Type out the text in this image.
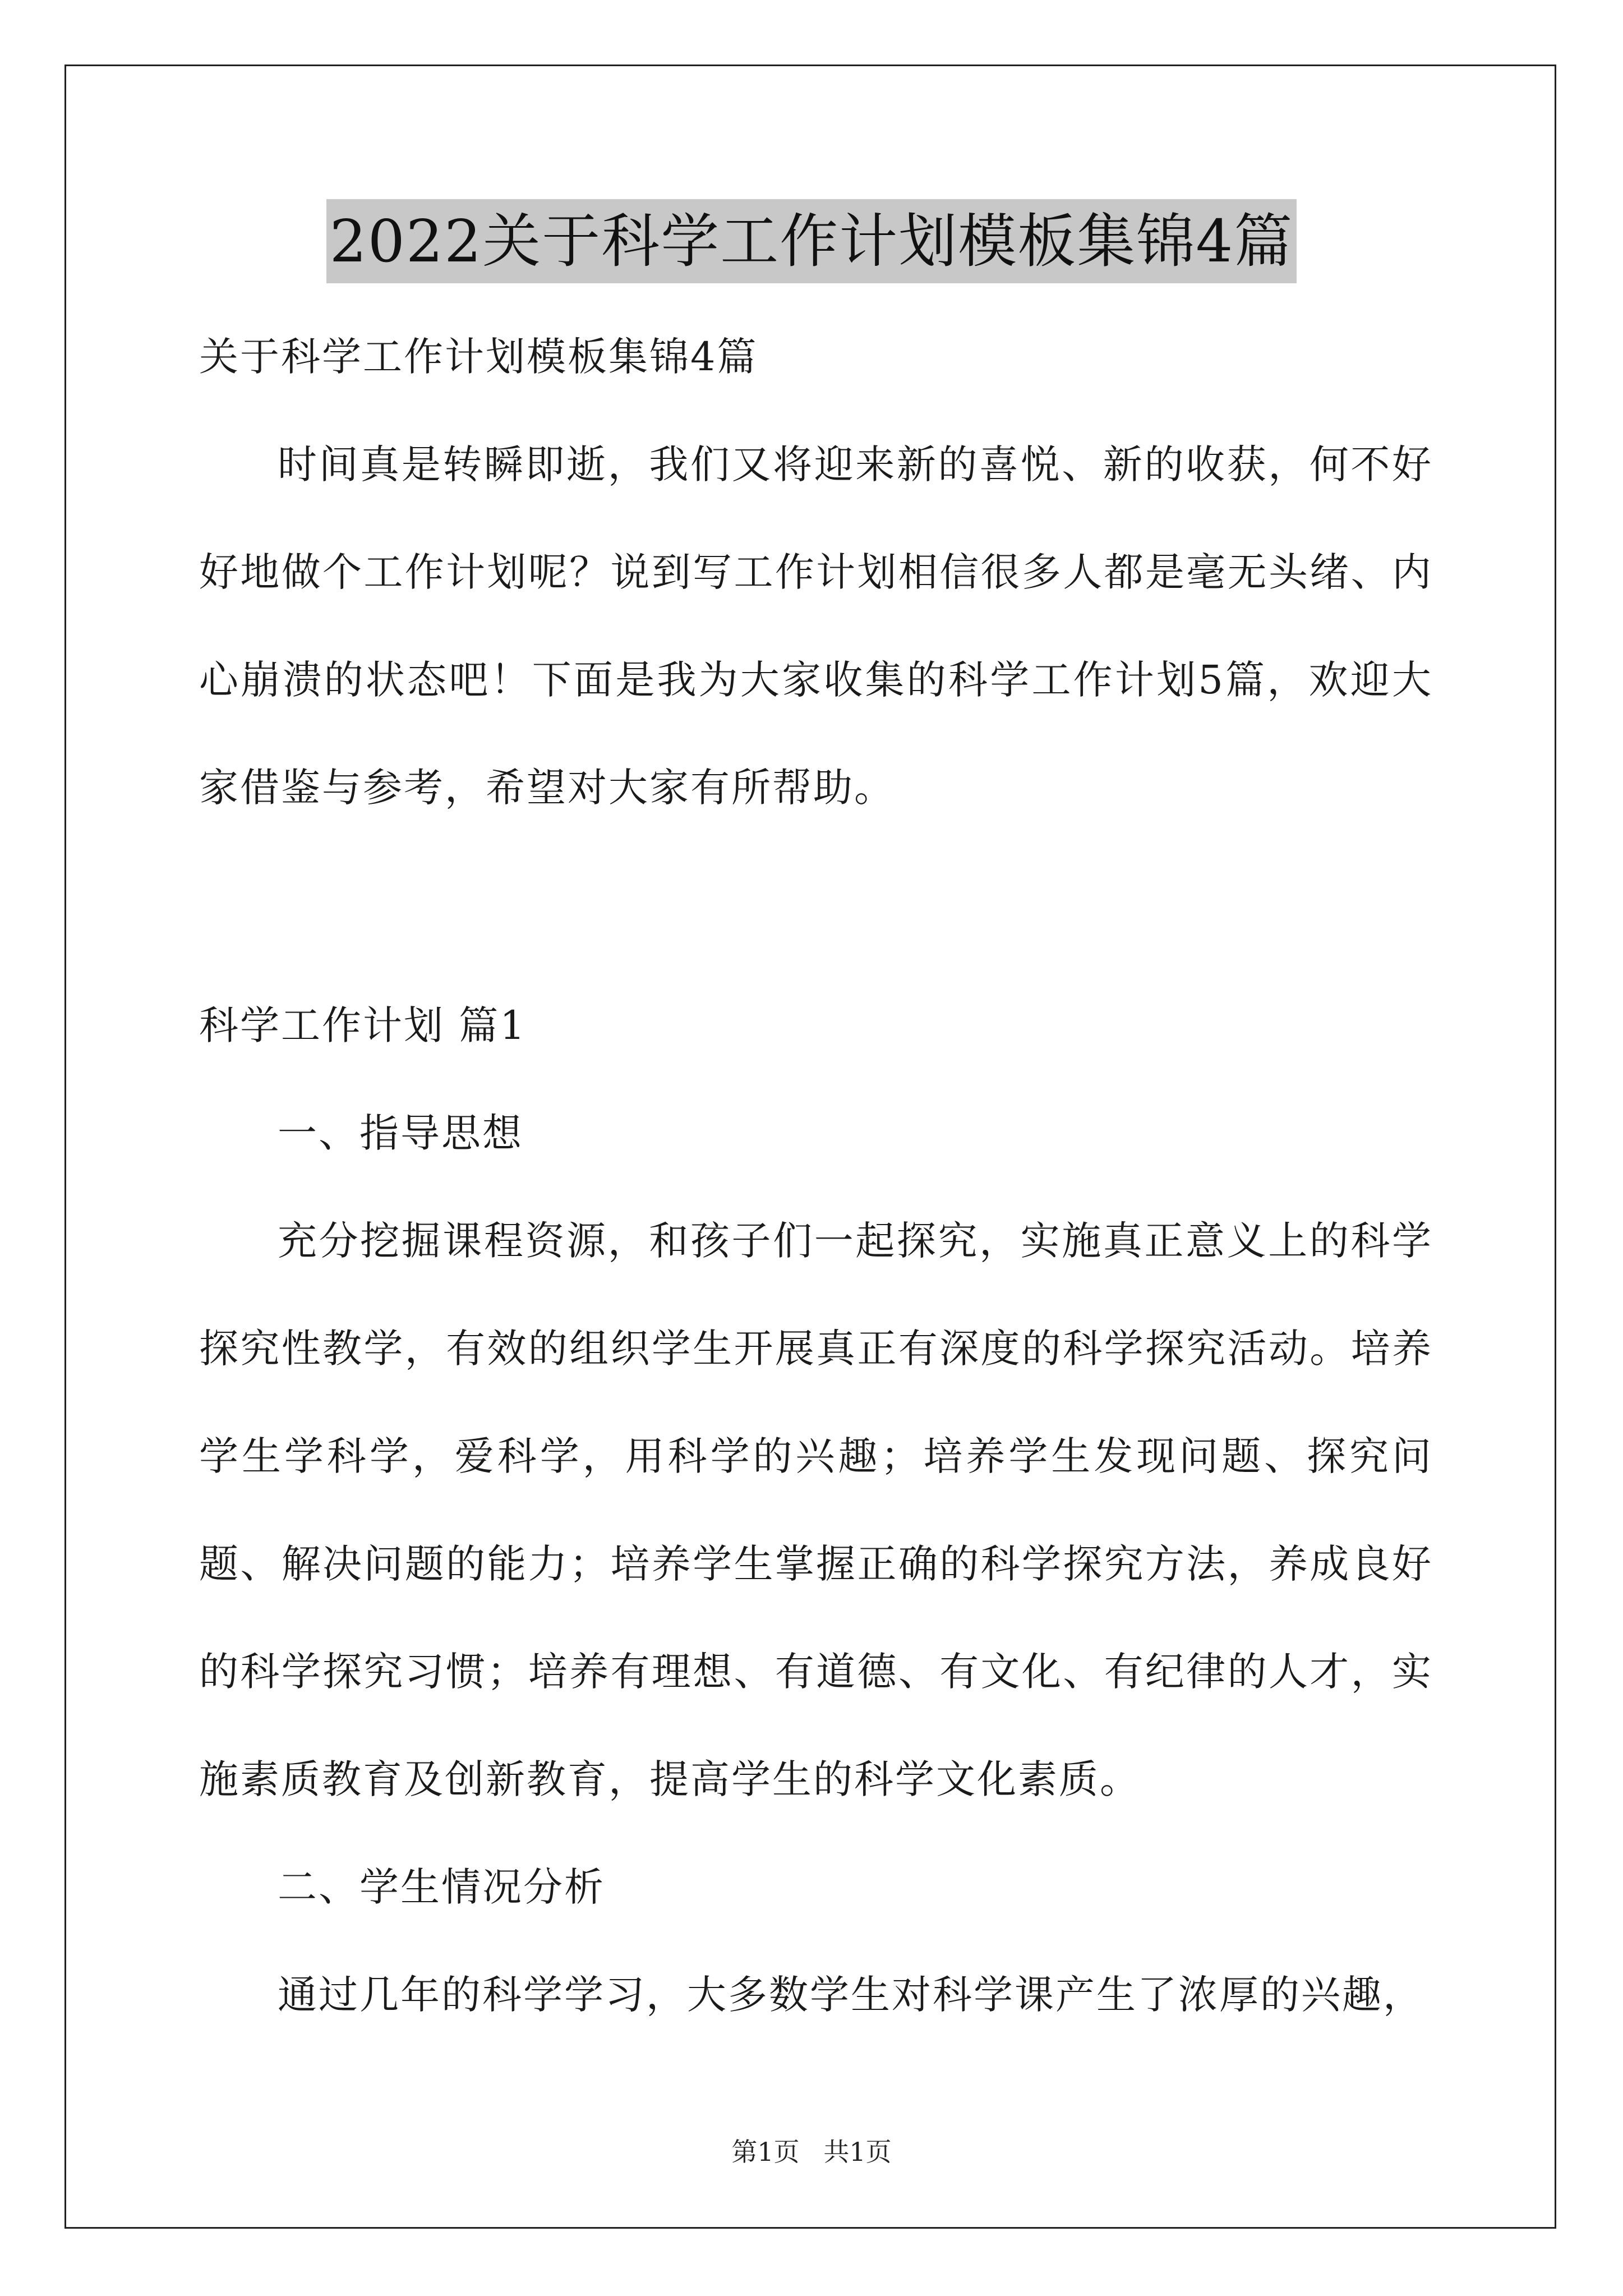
2022关于科学工作计划模板集锦4篇

关于科学工作计划模板集锦4篇

时间真是转瞬即逝，我们又将迎来新的喜悦、新的收获，何不好好地做个工作计划呢？说到写工作计划相信很多人都是毫无头绪、内心崩溃的状态吧！下面是我为大家收集的科学工作计划5篇，欢迎大家借鉴与参考，希望对大家有所帮助。

科学工作计划 篇1

一、指导思想

充分挖掘课程资源，和孩子们一起探究，实施真正意义上的科学探究性教学，有效的组织学生开展真正有深度的科学探究活动。培养学生学科学，爱科学，用科学的兴趣；培养学生发现问题、探究问题、解决问题的能力；培养学生掌握正确的科学探究方法，养成良好的科学探究习惯；培养有理想、有道德、有文化、有纪律的人才，实施素质教育及创新教育，提高学生的科学文化素质。

二、学生情况分析

通过几年的科学学习，大多数学生对科学课产生了浓厚的兴趣，

第1页 共1页
